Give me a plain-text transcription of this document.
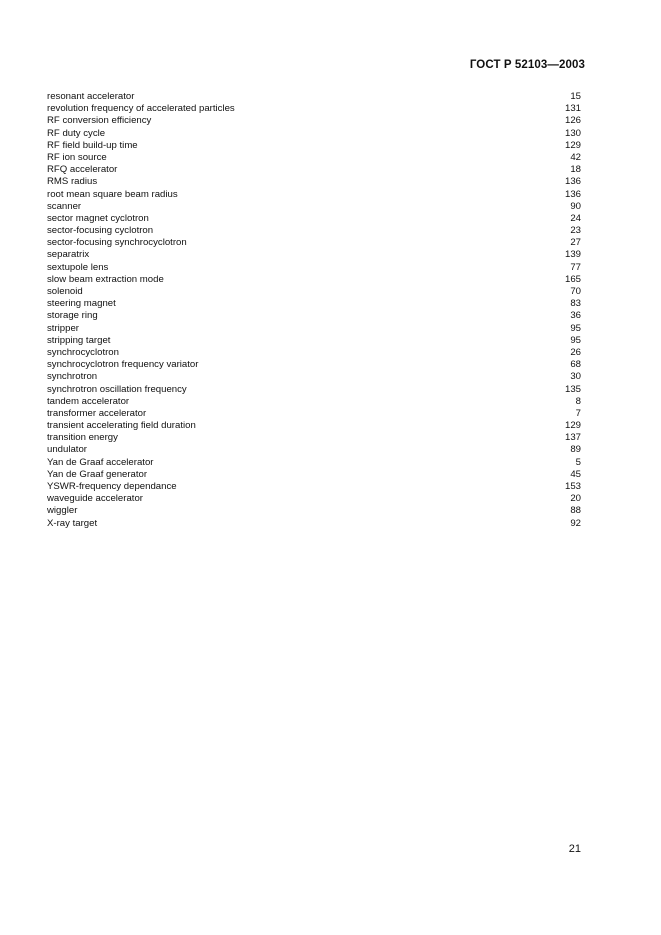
ГОСТ Р 52103—2003
resonant accelerator	15
revolution frequency of accelerated particles	131
RF conversion efficiency	126
RF duty cycle	130
RF field build-up time	129
RF ion source	42
RFQ accelerator	18
RMS radius	136
root mean square beam radius	136
scanner	90
sector magnet cyclotron	24
sector-focusing cyclotron	23
sector-focusing synchrocyclotron	27
separatrix	139
sextupole lens	77
slow beam extraction mode	165
solenoid	70
steering magnet	83
storage ring	36
stripper	95
stripping target	95
synchrocyclotron	26
synchrocyclotron frequency variator	68
synchrotron	30
synchrotron oscillation frequency	135
tandem accelerator	8
transformer accelerator	7
transient accelerating field duration	129
transition energy	137
undulator	89
Yan de Graaf accelerator	5
Yan de Graaf generator	45
YSWR-frequency dependance	153
waveguide accelerator	20
wiggler	88
X-ray target	92
21
